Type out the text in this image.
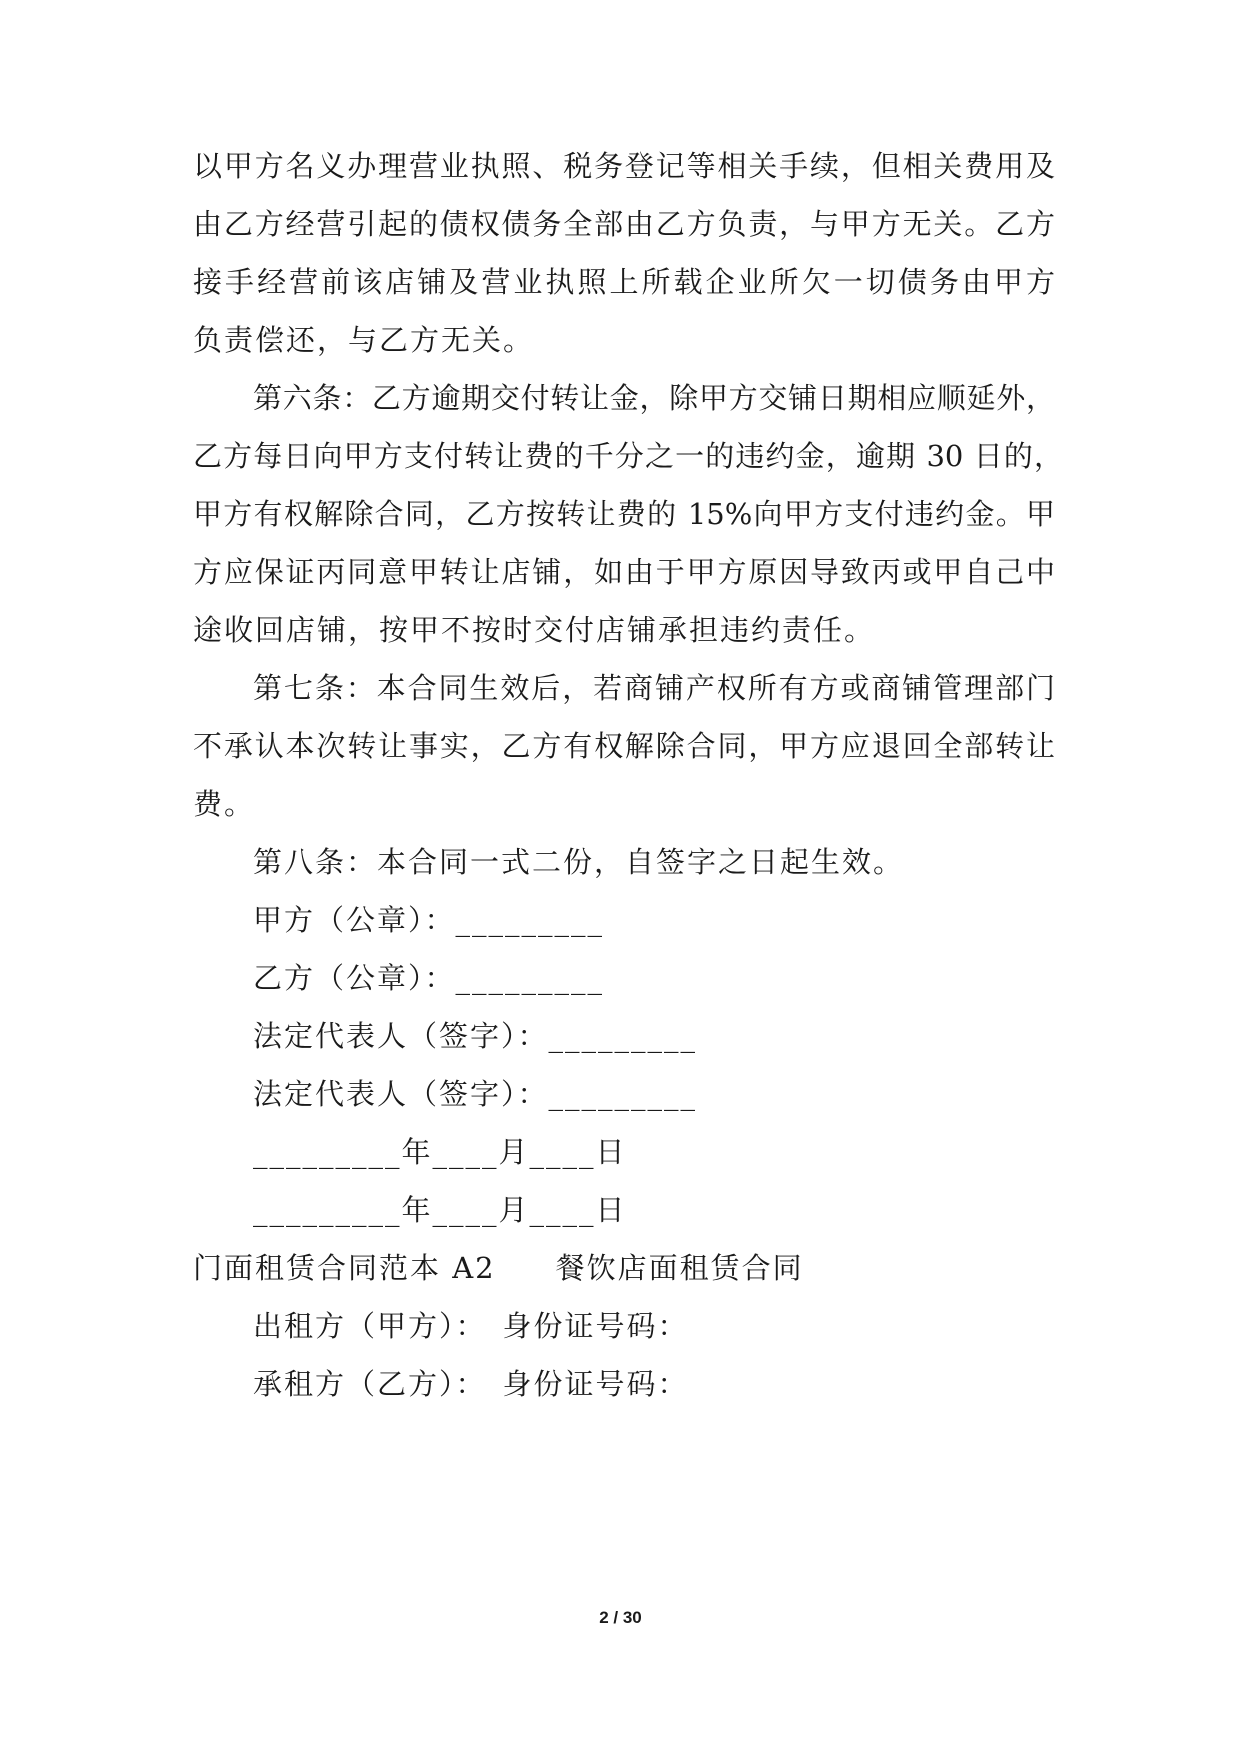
以甲方名义办理营业执照、税务登记等相关手续，但相关费用及
由乙方经营引起的债权债务全部由乙方负责，与甲方无关。乙方
接手经营前该店铺及营业执照上所载企业所欠一切债务由甲方
负责偿还，与乙方无关。
第六条：乙方逾期交付转让金，除甲方交铺日期相应顺延外，
乙方每日向甲方支付转让费的千分之一的违约金，逾期 30 日的，
甲方有权解除合同，乙方按转让费的 15%向甲方支付违约金。甲
方应保证丙同意甲转让店铺，如由于甲方原因导致丙或甲自己中
途收回店铺，按甲不按时交付店铺承担违约责任。
第七条：本合同生效后，若商铺产权所有方或商铺管理部门
不承认本次转让事实，乙方有权解除合同，甲方应退回全部转让
费。
第八条：本合同一式二份，自签字之日起生效。
甲方（公章）：_________
乙方（公章）：_________
法定代表人（签字）：_________
法定代表人（签字）：_________
_________年____月____日
_________年____月____日
门面租赁合同范本 A2 餐饮店面租赁合同
出租方（甲方）： 身份证号码：
承租方（乙方）： 身份证号码：
2 / 30
